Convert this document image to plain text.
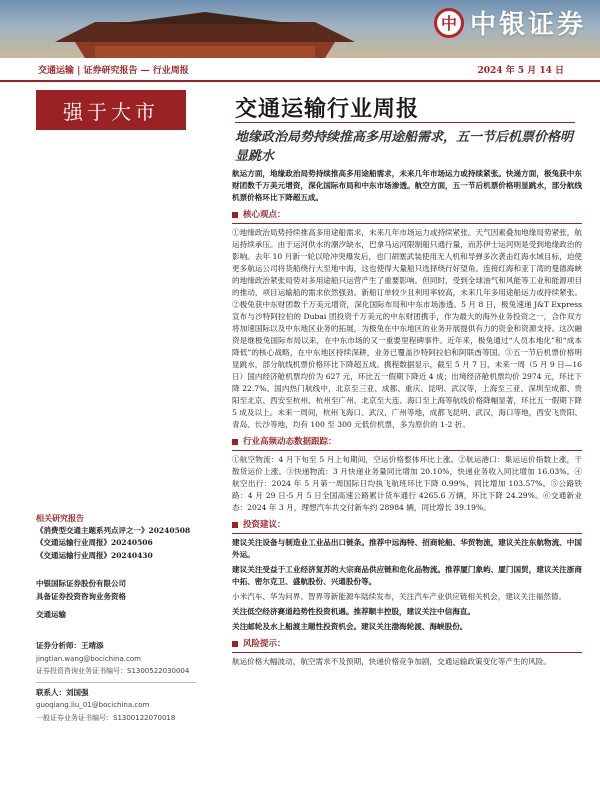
中 中银证券
交通运输 | 证券研究报告 — 行业周报	2024 年 5 月 14 日
强于大市
相关研究报告
《消费型交通主题系列点评之一》20240508
《交通运输行业周报》20240506
《交通运输行业周报》20240430
中银国际证券股份有限公司
具备证券投资咨询业务资格
交通运输
证券分析师：王靖添
jingtian.wang@bocichina.com
证券投资咨询业务证书编号：S1300522030004
联系人：刘国强
guoqiang.liu_01@bocichina.com
一般证券业务证书编号：S1300122070018
交通运输行业周报
地缘政治局势持续推高多用途船需求，五一节后机票价格明显跳水

航运方面，地缘政治局势持续推高多用途船需求，未来几年市场运力或持续紧张。快递方面，极兔获中东财团数千万美元增资，深化国际布局和中东市场渗透。航空方面，五一节后机票价格明显跳水，部分航线机票价格环比下降超五成。

核心观点：

①地缘政治局势持续推高多用途船需求，未来几年市场运力或持续紧张。天气因素叠加地缘局势紧张，航运持续承压。由于运河供水的潮汐缺水，巴拿马运河限制船只通行量，而苏伊士运河则是受到地缘政治的影响。去年 10 月新一轮以哈冲突爆发后，也门胡塞武装使用无人机和导弹多次袭击红海水域目标，迫使更多航运公司将货船绕行大至地中海，这也使得大量船只选择绕行好望角。连接红海和亚丁湾的曼德海峡的地缘政治紧张局势对多用途船只运营产生了重要影响。但同时，受到全球油气和风能等工业和能源项目的推动，项目运输船的需求依然强劲。新船订单较少且利用率较高，未来几年多用途船运力或持续紧张。②极兔获中东财团数千万美元增资，深化国际布局和中东市场渗透。5 月 8 日，极兔速递 J&T Express 宣布与沙特阿拉伯的 Dubai 团投资千万美元的中东财团携手，作为最大的海外业务投资之一，合作双方将加速国际以及中东地区业务的拓展，为极兔在中东地区的业务开展提供有力的资金和资源支持。这次融资是继极兔国际布局以来，在中东市场的又一重要里程碑事件。近年来，极兔通过“人员本地化”和“成本降低”的核心战略，在中东地区持续深耕，业务已覆盖沙特阿拉伯和阿联酋等国。③五一节后机票价格明显跳水，部分航线机票价格环比下降超五成。携程数据显示，截至 5 月 7 日，未来一周（5 月 9 日—16 日）国内经济舱机票均价为 627 元，环比五一假期下降近 4 成；出境经济舱机票均价 2974 元，环比下降 22.7%。国内热门航线中，北京至三亚、成都、重庆、昆明、武汉等，上海至三亚、深圳至成都、贵阳至北京、西安至杭州、杭州至广州、北京至大连、海口至上海等航线价格降幅显著，环比五一假期下降 5 成及以上。未来一周间，杭州飞海口、武汉、广州等地，成都飞昆明、武汉，海口等地，西安飞贵阳、青岛、长沙等地，均有 100 至 300 元低价机票，多为原价的 1-2 折。

行业高频动态数据跟踪：

①航空物流：4 月下旬至 5 月上旬期间，空运价格整体环比上涨。②航运港口：集运运价指数上涨，干散货运价上涨。③快递物流：3 月快递业务量同比增加 20.10%，快递业务收入同比增加 16.03%。④航空出行：2024 年 5 月第一周国际日均执飞航班环比下降 0.99%，同比增加 103.57%。⑤公路铁路：4 月 29 日-5 月 5 日全国高速公路累计货车通行 4265.6 万辆，环比下降 24.29%。⑥交通新业态：2024 年 3 月，理想汽车共交付新车约 28984 辆，同比增长 39.19%。

投资建议：

建议关注设备与制造业工业品出口链条。推荐中远海特、招商轮船、华贸物流，建议关注东航物流、中国外运。

建议关注受益于工业经济复苏的大宗商品供应链和危化品物流。推荐厦门象屿、厦门国贸，建议关注浙商中拓、密尔克卫、盛航股份、兴通股份等。

小米汽车、华为问界、智界等新能源车陆续发布，关注汽车产业供应链相关机会，建议关注福然德。

关注低空经济赛道趋势性投资机遇。推荐顺丰控股，建议关注中信海直。

关注邮轮及水上船渡主题性投资机会。建议关注渤海轮渡、海峡股份。

风险提示：

航运价格大幅波动，航空需求不及预期，快递价格竞争加剧，交通运输政策变化等产生的风险。
